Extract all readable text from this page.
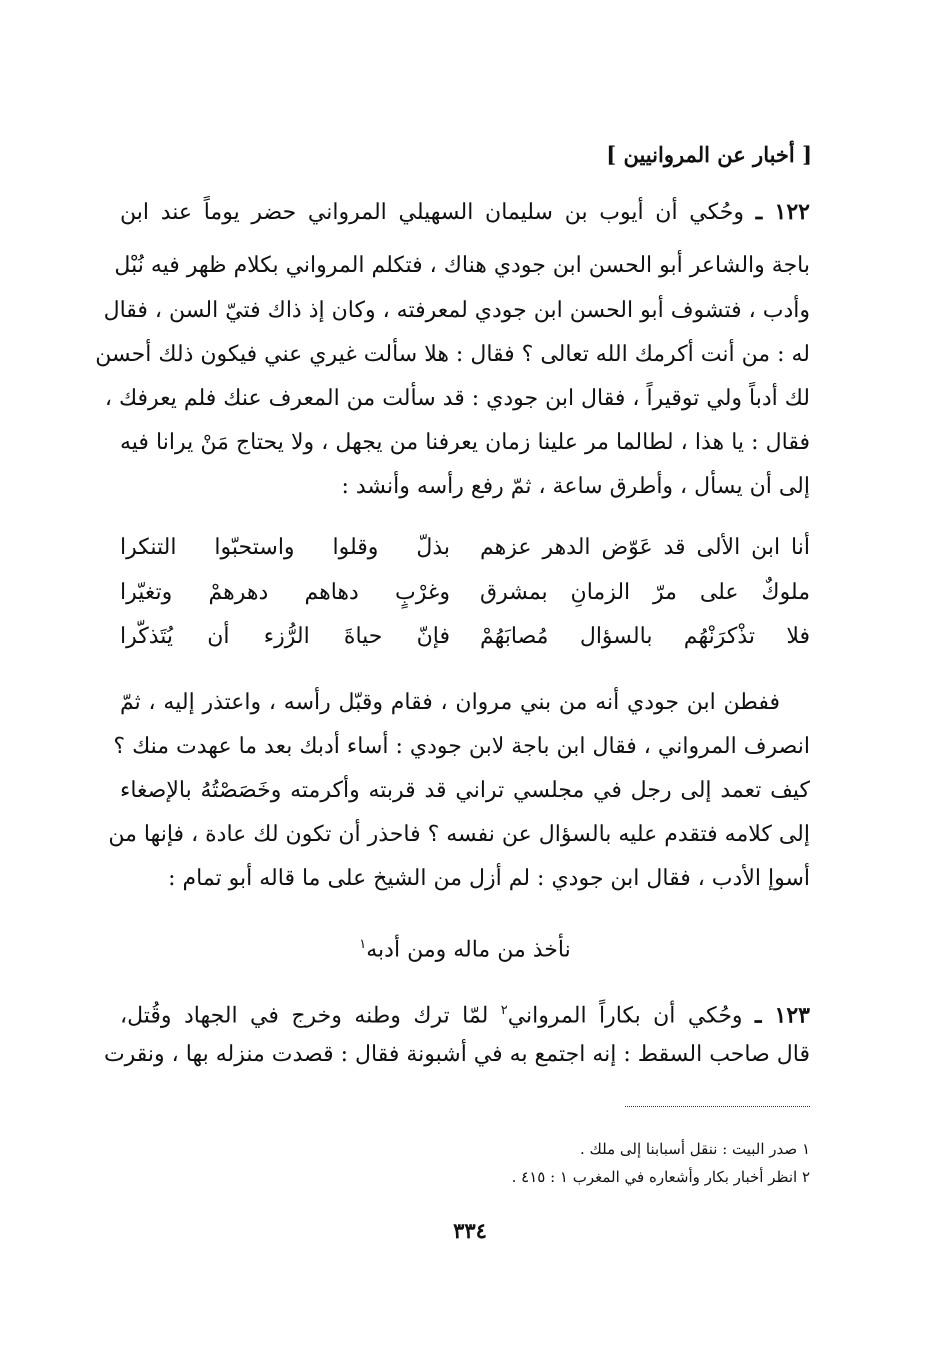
[ أخبار عن المروانيين ]
١٢٢ ـ وحُكي أن أيوب بن سليمان السهيلي المرواني حضر يوماً عند ابن
باجة والشاعر أبو الحسن ابن جودي هناك ، فتكلم المرواني بكلام ظهر فيه نُبْل
وأدب ، فتشوف أبو الحسن ابن جودي لمعرفته ، وكان إذ ذاك فتيّ السن ، فقال
له : من أنت أكرمك الله تعالى ؟ فقال : هلا سألت غيري عني فيكون ذلك أحسن
لك أدباً ولي توقيراً ، فقال ابن جودي : قد سألت من المعرف عنك فلم يعرفك ،
فقال : يا هذا ، لطالما مر علينا زمان يعرفنا من يجهل ، ولا يحتاج مَنْ يرانا فيه
إلى أن يسأل ، وأطرق ساعة ، ثمّ رفع رأسه وأنشد :
أنا ابن الألى قد عَوّض الدهر عزهم
بذلّ وقلوا واستحبّوا التنكرا
ملوكٌ على مرّ الزمانِ بمشرق
وغرْبٍ دهاهم دهرهمْ وتغيّرا
فلا تذْكرَنْهُم بالسؤال مُصابَهُمْ
فإنّ حياةَ الرُّزء أن يُتَذكّرا
ففطن ابن جودي أنه من بني مروان ، فقام وقبّل رأسه ، واعتذر إليه ، ثمّ
انصرف المرواني ، فقال ابن باجة لابن جودي : أساء أدبك بعد ما عهدت منك ؟
كيف تعمد إلى رجل في مجلسي تراني قد قربته وأكرمته وخَصَصْتُهُ بالإصغاء
إلى كلامه فتقدم عليه بالسؤال عن نفسه ؟ فاحذر أن تكون لك عادة ، فإنها من
أسوإ الأدب ، فقال ابن جودي : لم أزل من الشيخ على ما قاله أبو تمام :
نأخذ من ماله ومن أدبه$^١$
١٢٣ ـ وحُكي أن بكاراً المرواني$^٢$ لمّا ترك وطنه وخرج في الجهاد وقُتل،
قال صاحب السقط : إنه اجتمع به في أشبونة فقال : قصدت منزله بها ، ونقرت
١ صدر البيت : ننقل أسبابنا إلى ملك .
٢ انظر أخبار بكار وأشعاره في المغرب ١ : ٤١٥ .
٣٣٤
